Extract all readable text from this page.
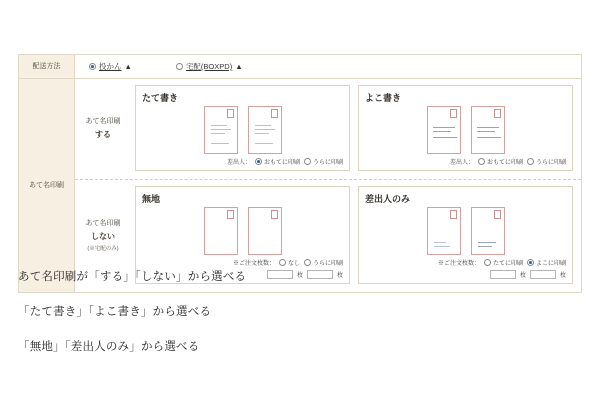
配送方法	投かん ▲	宅配(BOXPD) ▲
あて名印刷
あて名印刷
する
たて書き
差出人： おもてに印刷 うらに印刷
よこ書き
差出人： おもてに印刷 うらに印刷
あて名印刷
しない
(※宅配のみ)
無地
※ご注文枚数： なし うらに印刷
枚	枚
差出人のみ
※ご注文枚数： たてに印刷 よこに印刷
枚	枚
あて名印刷が「する」「しない」から選べる
「たて書き」「よこ書き」から選べる
「無地」「差出人のみ」から選べる
